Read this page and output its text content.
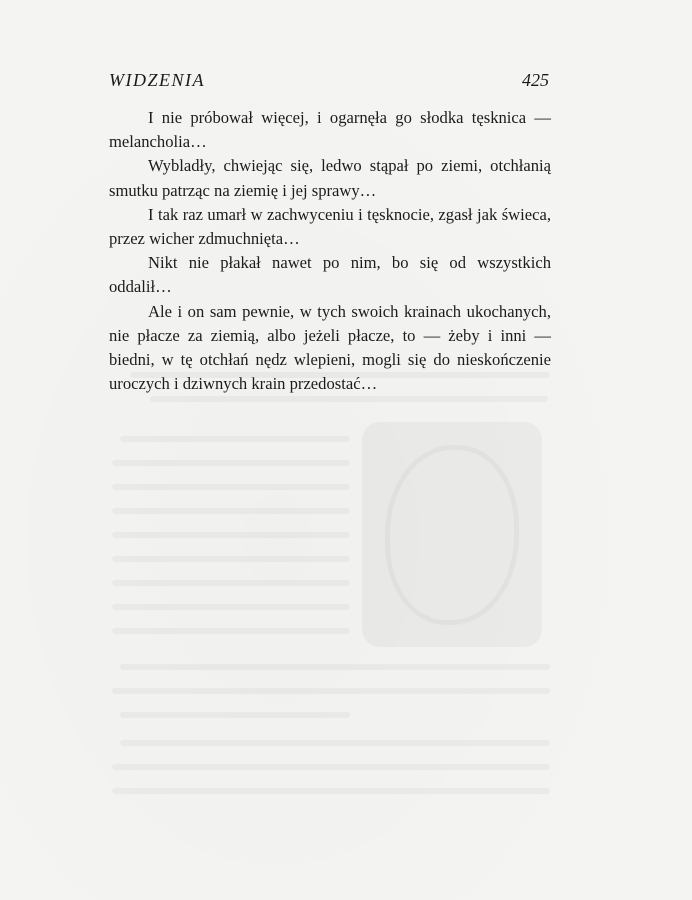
WIDZENIA	425

I nie próbował więcej, i ogarnęła go słodka tęsknica — melancholia…

Wybladły, chwiejąc się, ledwo stąpał po ziemi, otchłanią smutku patrząc na ziemię i jej sprawy…

I tak raz umarł w zachwyceniu i tęsknocie, zgasł jak świeca, przez wicher zdmuchnięta…

Nikt nie płakał nawet po nim, bo się od wszystkich oddalił…

Ale i on sam pewnie, w tych swoich krainach ukochanych, nie płacze za ziemią, albo jeżeli płacze, to — żeby i inni — biedni, w tę otchłań nędz wlepieni, mogli się do nieskończenie uroczych i dziwnych krain przedostać…
